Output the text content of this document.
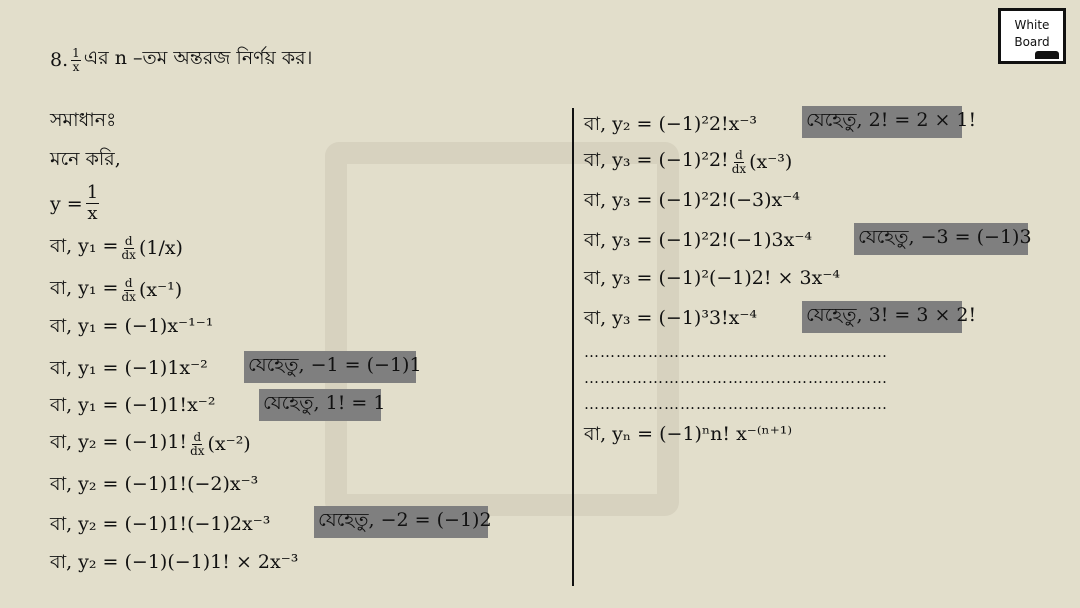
White
Board
8. $\frac{1}{x}$ এর n –তম অন্তরজ নির্ণয় কর।
সমাধানঃ
মনে করি,
$y = \frac{1}{x}$
বা, $y_1 = \frac{d}{dx} (1/x)$
বা, $y_1 = \frac{d}{dx} (x^{-1})$
বা, y₁ = (−1)x⁻¹⁻¹
বা, y₁ = (−1)1x⁻² যেহেতু, −1 = (−1)1
বা, y₁ = (−1)1!x⁻²	যেহেতু, 1! = 1
বা, y₂ = (−1)1! $\frac{d}{dx} (x^{-2})$
বা, y₂ = (−1)1!(−2)x⁻³
বা, y₂ = (−1)1!(−1)2x⁻³	যেহেতু, −2 = (−1)2
বা, y₂ = (−1)(−1)1! × 2x⁻³
বা, y₂ = (−1)²2!x⁻³	যেহেতু, 2! = 2 × 1!
বা, y₃ = (−1)²2! $\frac{d}{dx} (x^{-3})$
বা, y₃ = (−1)²2!(−3)x⁻⁴
বা, y₃ = (−1)²2!(−1)3x⁻⁴ যেহেতু, −3 = (−1)3
বা, y₃ = (−1)²(−1)2! × 3x⁻⁴
বা, y₃ = (−1)³3!x⁻⁴	যেহেতু, 3! = 3 × 2!
…………………………………………………
…………………………………………………
…………………………………………………
বা, yₙ = (−1)ⁿn! x⁻⁽ⁿ⁺¹⁾
